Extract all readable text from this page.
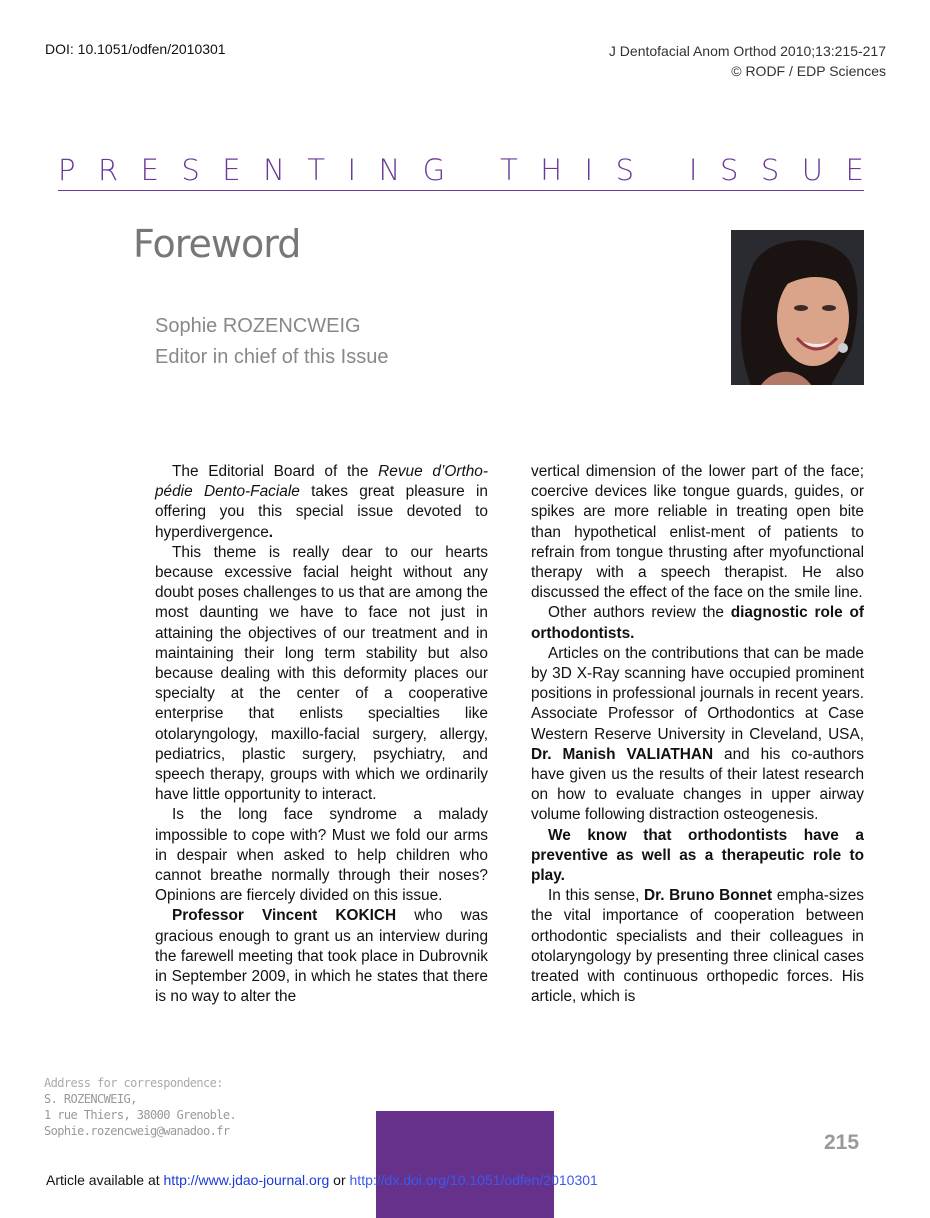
DOI: 10.1051/odfen/2010301	J Dentofacial Anom Orthod 2010;13:215-217
© RODF / EDP Sciences
P R E S E N T I N G T H I S I S S U E
Foreword
Sophie ROZENCWEIG
Editor in chief of this Issue

The Editorial Board of the Revue d’Ortho-pédie Dento-Faciale takes great pleasure in offering you this special issue devoted to hyperdivergence.

This theme is really dear to our hearts because excessive facial height without any doubt poses challenges to us that are among the most daunting we have to face not just in attaining the objectives of our treatment and in maintaining their long term stability but also because dealing with this deformity places our specialty at the center of a cooperative enterprise that enlists specialties like otolaryngology, maxillo-facial surgery, allergy, pediatrics, plastic surgery, psychiatry, and speech therapy, groups with which we ordinarily have little opportunity to interact.

Is the long face syndrome a malady impossible to cope with? Must we fold our arms in despair when asked to help children who cannot breathe normally through their noses? Opinions are fiercely divided on this issue.

Professor Vincent KOKICH who was gracious enough to grant us an interview during the farewell meeting that took place in Dubrovnik in September 2009, in which he states that there is no way to alter the

vertical dimension of the lower part of the face; coercive devices like tongue guards, guides, or spikes are more reliable in treating open bite than hypothetical enlist-ment of patients to refrain from tongue thrusting after myofunctional therapy with a speech therapist. He also discussed the effect of the face on the smile line.

Other authors review the diagnostic role of orthodontists.

Articles on the contributions that can be made by 3D X-Ray scanning have occupied prominent positions in professional journals in recent years. Associate Professor of Orthodontics at Case Western Reserve University in Cleveland, USA, Dr. Manish VALIATHAN and his co-authors have given us the results of their latest research on how to evaluate changes in upper airway volume following distraction osteogenesis.

We know that orthodontists have a preventive as well as a therapeutic role to play.

In this sense, Dr. Bruno Bonnet empha-sizes the vital importance of cooperation between orthodontic specialists and their colleagues in otolaryngology by presenting three clinical cases treated with continuous orthopedic forces. His article, which is

Address for correspondence:
S. ROZENCWEIG,
1 rue Thiers, 38000 Grenoble.
Sophie.rozencweig@wanadoo.fr	215
Article available at http://www.jdao-journal.org or http://dx.doi.org/10.1051/odfen/2010301
